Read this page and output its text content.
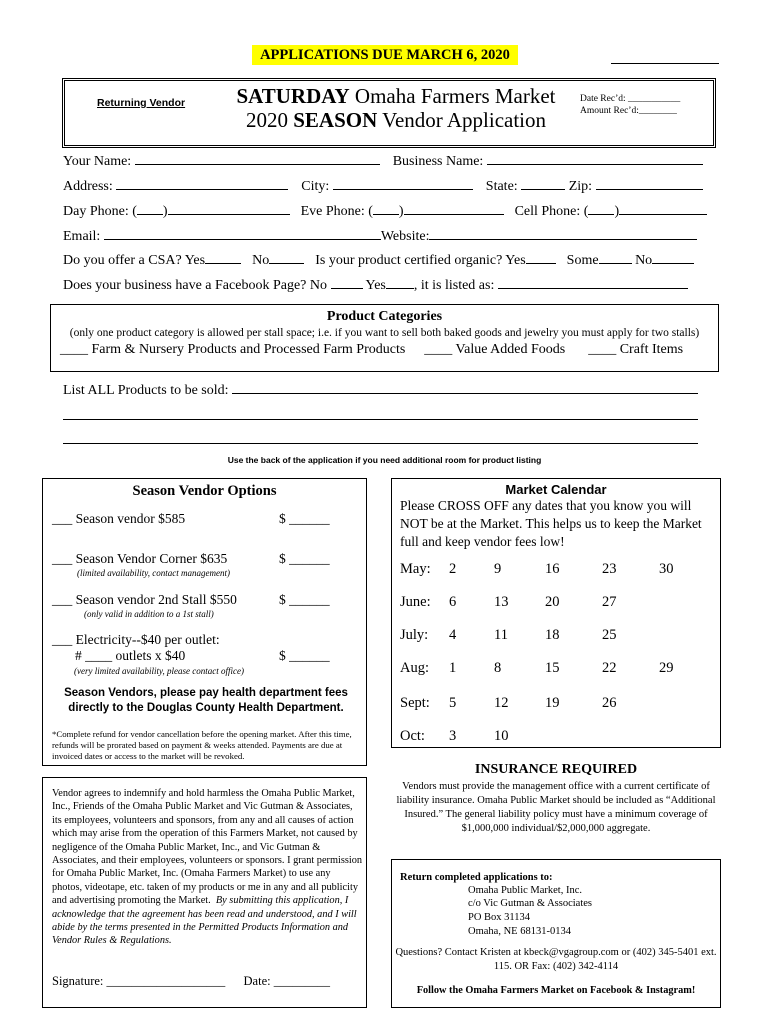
APPLICATIONS DUE MARCH 6, 2020
Returning Vendor	SATURDAY Omaha Farmers Market
2020 SEASON Vendor Application
Date Rec’d: ___________
Amount Rec’d:________
Your Name:	Business Name:
Address:	City:	State:	Zip:
Day Phone: ( )	Eve Phone: ( )	Cell Phone: ( )
Email:	Website:
Do you offer a CSA? Yes	No	Is your product certified organic? Yes	Some	No
Does your business have a Facebook Page? No	Yes , it is listed as:
Product Categories
(only one product category is allowed per stall space; i.e. if you want to sell both baked goods and jewelry you must apply for two stalls)
____ Farm & Nursery Products and Processed Farm Products ____ Value Added Foods ____ Craft Items
List ALL Products to be sold:
Use the back of the application if you need additional room for product listing
Season Vendor Options
___ Season vendor $585	$ ______
___ Season Vendor Corner $635	$ ______
(limited availability, contact management)
___ Season vendor 2nd Stall $550	$ ______
(only valid in addition to a 1st stall)
___ Electricity--$40 per outlet:
# ____ outlets x $40	$ ______
(very limited availability, please contact office)
Season Vendors, please pay health department fees directly to the Douglas County Health Department.
*Complete refund for vendor cancellation before the opening market. After this time, refunds will be prorated based on payment & weeks attended. Payments are due at invoiced dates or access to the market will be revoked.
Vendor agrees to indemnify and hold harmless the Omaha Public Market, Inc., Friends of the Omaha Public Market and Vic Gutman & Associates, its employees, volunteers and sponsors, from any and all causes of action which may arise from the operation of this Farmers Market, not caused by negligence of the Omaha Public Market, Inc., and Vic Gutman & Associates, and their employees, volunteers or sponsors. I grant permission for Omaha Public Market, Inc. (Omaha Farmers Market) to use any photos, videotape, etc. taken of my products or me in any and all publicity and advertising promoting the Market. By submitting this application, I acknowledge that the agreement has been read and understood, and I will abide by the terms presented in the Permitted Products Information and Vendor Rules & Regulations.
Signature: ___________________ Date: _________
Market Calendar
Please CROSS OFF any dates that you know you will NOT be at the Market. This helps us to keep the Market full and keep vendor fees low!
May: 2	9	16	23	30
June: 6	13	20	27
July: 4	11	18	25
Aug: 1	8	15	22	29
Sept: 5	12	19	26
Oct: 3	10
INSURANCE REQUIRED
Vendors must provide the management office with a current certificate of liability insurance. Omaha Public Market should be included as “Additional Insured.” The general liability policy must have a minimum coverage of $1,000,000 individual/$2,000,000 aggregate.
Return completed applications to:
Omaha Public Market, Inc.
c/o Vic Gutman & Associates
PO Box 31134
Omaha, NE 68131-0134
Questions? Contact Kristen at kbeck@vgagroup.com or (402) 345-5401 ext. 115. OR Fax: (402) 342-4114
Follow the Omaha Farmers Market on Facebook & Instagram!
